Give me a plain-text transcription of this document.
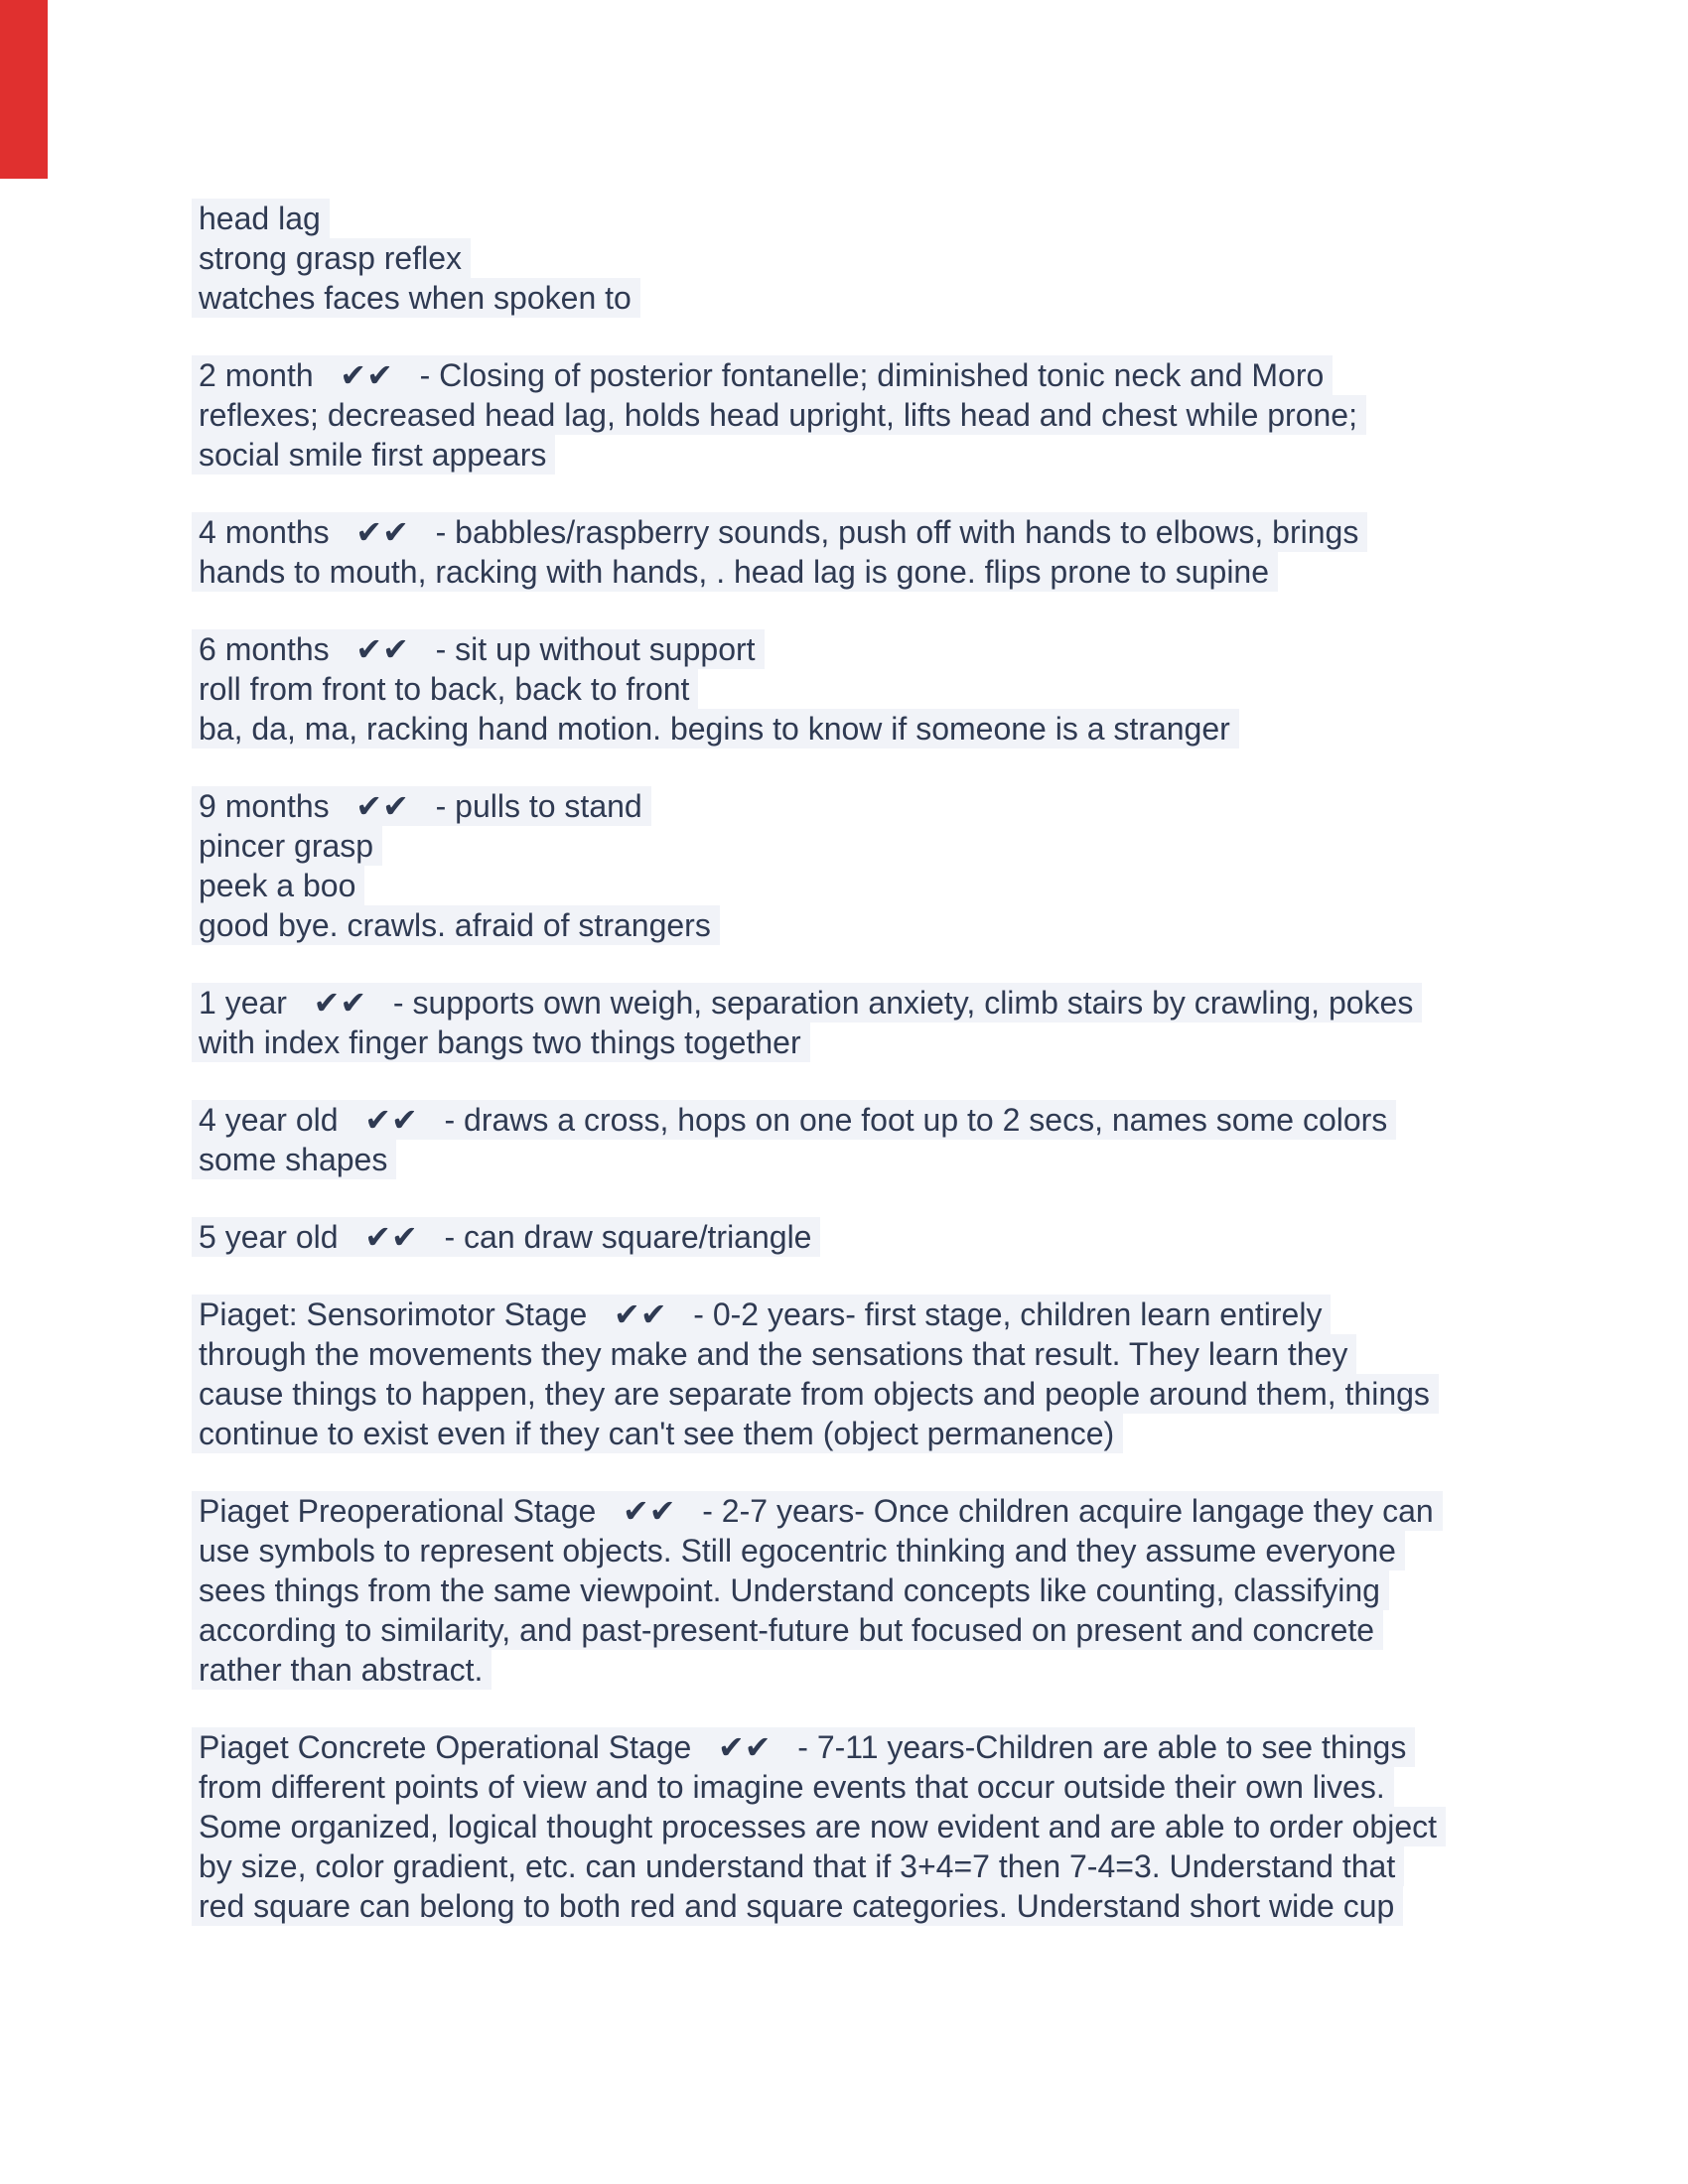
head lag
strong grasp reflex
watches faces when spoken to
2 month   ✔✔   - Closing of posterior fontanelle; diminished tonic neck and Moro
reflexes; decreased head lag, holds head upright, lifts head and chest while prone;
social smile first appears
4 months   ✔✔   - babbles/raspberry sounds, push off with hands to elbows, brings
hands to mouth, racking with hands, . head lag is gone. flips prone to supine
6 months   ✔✔   - sit up without support
roll from front to back, back to front
ba, da, ma, racking hand motion. begins to know if someone is a stranger
9 months   ✔✔   - pulls to stand
pincer grasp
peek a boo
good bye. crawls. afraid of strangers
1 year   ✔✔   - supports own weigh, separation anxiety, climb stairs by crawling, pokes
with index finger bangs two things together
4 year old   ✔✔   - draws a cross, hops on one foot up to 2 secs, names some colors
some shapes
5 year old   ✔✔   - can draw square/triangle
Piaget: Sensorimotor Stage   ✔✔   - 0-2 years- first stage, children learn entirely
through the movements they make and the sensations that result. They learn they
cause things to happen, they are separate from objects and people around them, things
continue to exist even if they can't see them (object permanence)
Piaget Preoperational Stage   ✔✔   - 2-7 years- Once children acquire langage they can
use symbols to represent objects. Still egocentric thinking and they assume everyone
sees things from the same viewpoint. Understand concepts like counting, classifying
according to similarity, and past-present-future but focused on present and concrete
rather than abstract.
Piaget Concrete Operational Stage   ✔✔   - 7-11 years-Children are able to see things
from different points of view and to imagine events that occur outside their own lives.
Some organized, logical thought processes are now evident and are able to order object
by size, color gradient, etc. can understand that if 3+4=7 then 7-4=3. Understand that
red square can belong to both red and square categories. Understand short wide cup
